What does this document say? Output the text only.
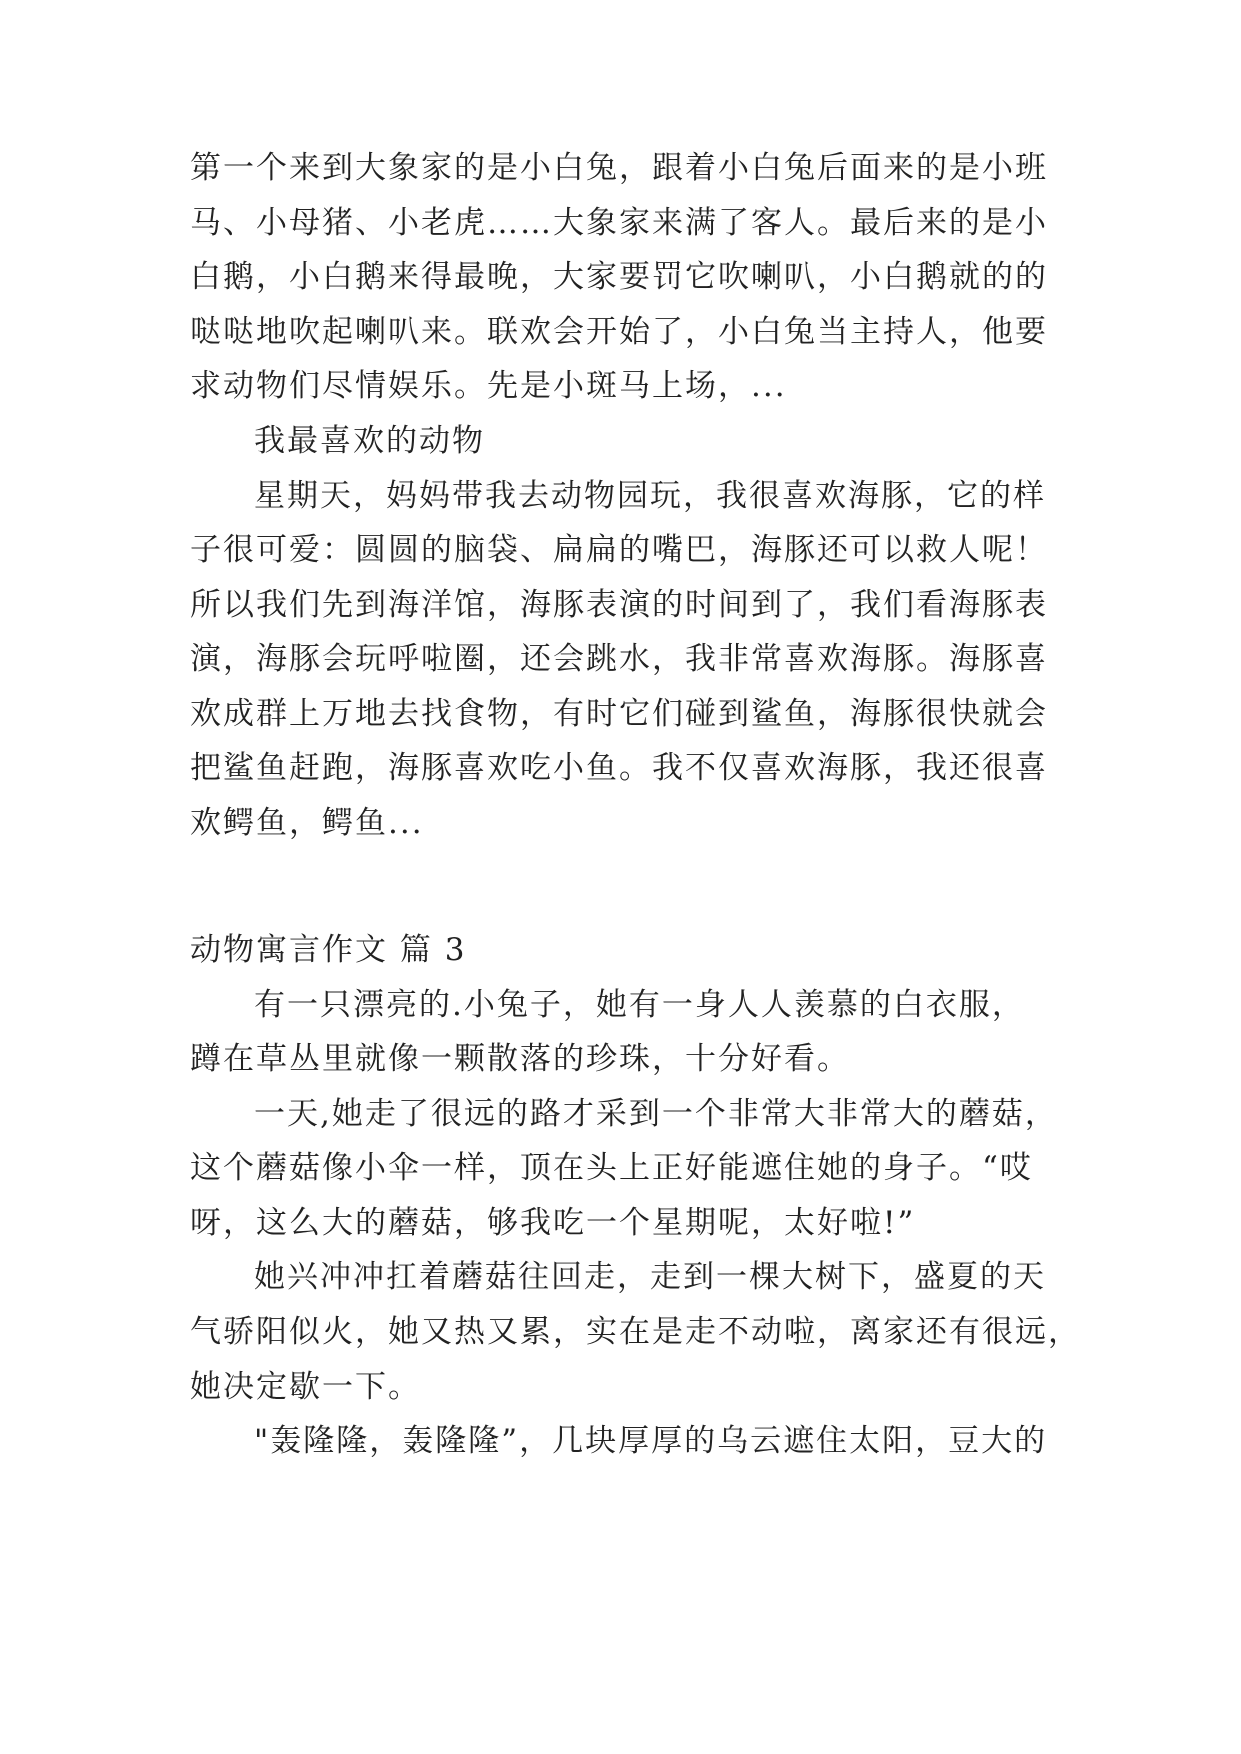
第一个来到大象家的是小白兔，跟着小白兔后面来的是小班
马、小母猪、小老虎……大象家来满了客人。最后来的是小
白鹅，小白鹅来得最晚，大家要罚它吹喇叭，小白鹅就的的
哒哒地吹起喇叭来。联欢会开始了，小白兔当主持人，他要
求动物们尽情娱乐。先是小斑马上场，...
我最喜欢的动物
星期天，妈妈带我去动物园玩，我很喜欢海豚，它的样
子很可爱：圆圆的脑袋、扁扁的嘴巴，海豚还可以救人呢！
所以我们先到海洋馆，海豚表演的时间到了，我们看海豚表
演，海豚会玩呼啦圈，还会跳水，我非常喜欢海豚。海豚喜
欢成群上万地去找食物，有时它们碰到鲨鱼，海豚很快就会
把鲨鱼赶跑，海豚喜欢吃小鱼。我不仅喜欢海豚，我还很喜
欢鳄鱼，鳄鱼...
动物寓言作文 篇 3
有一只漂亮的.小兔子，她有一身人人羡慕的白衣服，
蹲在草丛里就像一颗散落的珍珠，十分好看。
一天,她走了很远的路才采到一个非常大非常大的蘑菇，
这个蘑菇像小伞一样，顶在头上正好能遮住她的身子。“哎
呀，这么大的蘑菇，够我吃一个星期呢，太好啦!”
她兴冲冲扛着蘑菇往回走，走到一棵大树下，盛夏的天
气骄阳似火，她又热又累，实在是走不动啦，离家还有很远，
她决定歇一下。
"轰隆隆，轰隆隆”，几块厚厚的乌云遮住太阳，豆大的
